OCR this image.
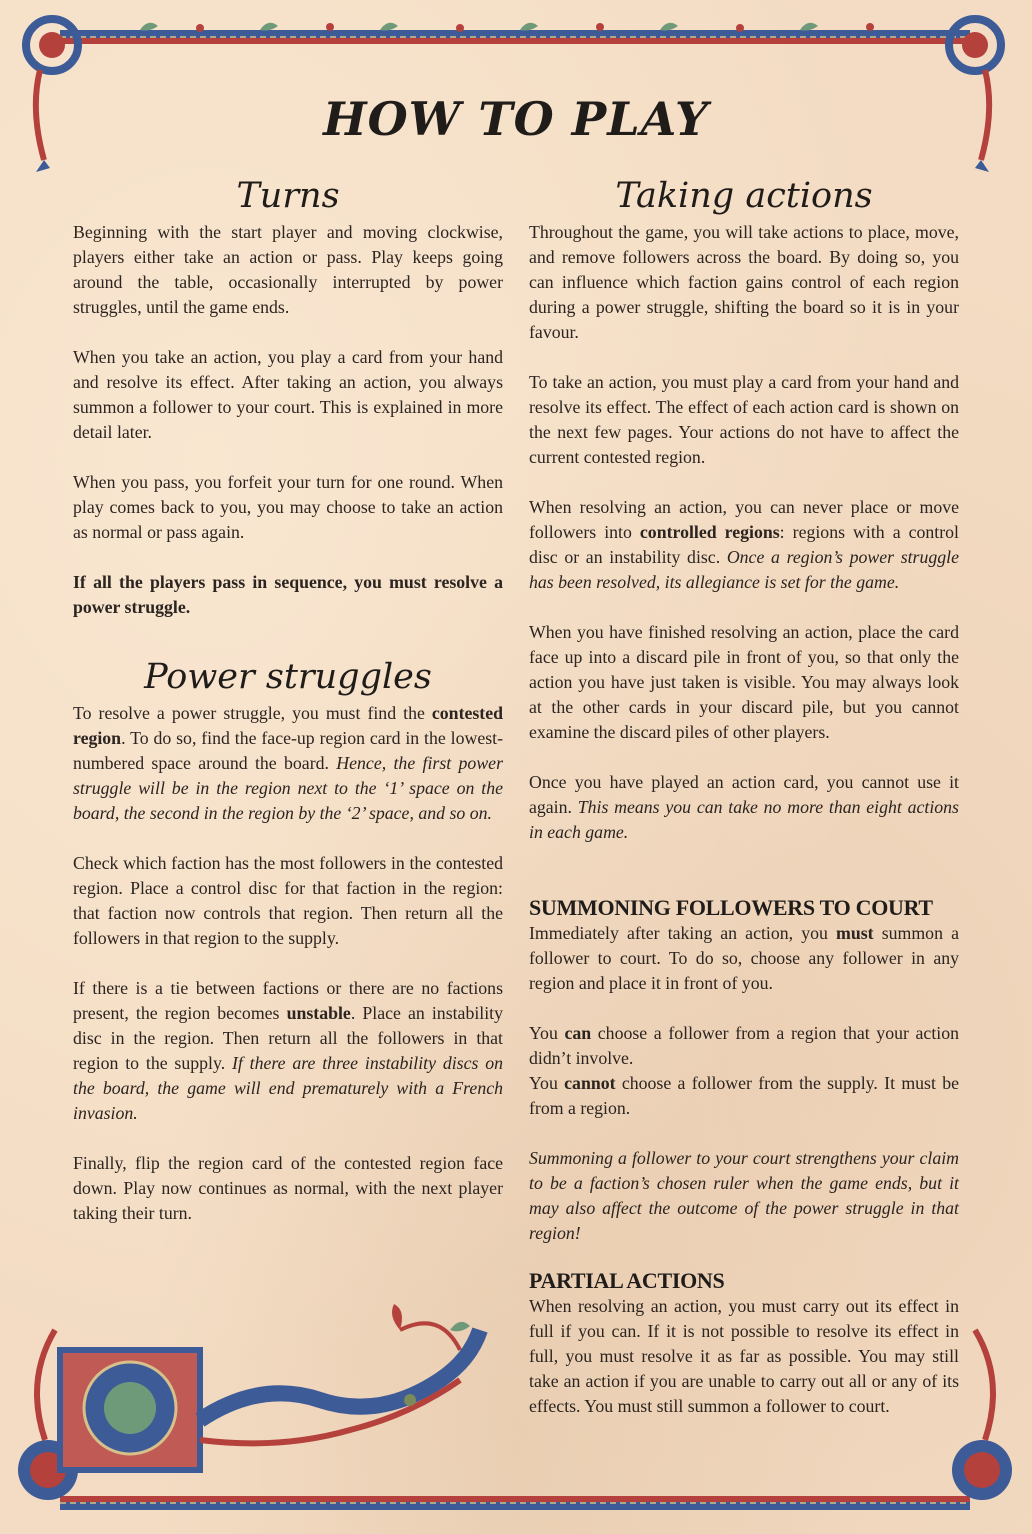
HOW TO PLAY
Turns

Beginning with the start player and moving clockwise, players either take an action or pass. Play keeps going around the table, occasionally interrupted by power struggles, until the game ends.

When you take an action, you play a card from your hand and resolve its effect. After taking an action, you always summon a follower to your court. This is explained in more detail later.

When you pass, you forfeit your turn for one round. When play comes back to you, you may choose to take an action as normal or pass again.

If all the players pass in sequence, you must resolve a power struggle.

Power struggles

To resolve a power struggle, you must find the contested region. To do so, find the face-up region card in the lowest-numbered space around the board. Hence, the first power struggle will be in the region next to the ‘1’ space on the board, the second in the region by the ‘2’ space, and so on.

Check which faction has the most followers in the contested region. Place a control disc for that faction in the region: that faction now controls that region. Then return all the followers in that region to the supply.

If there is a tie between factions or there are no factions present, the region becomes unstable. Place an instability disc in the region. Then return all the followers in that region to the supply. If there are three instability discs on the board, the game will end prematurely with a French invasion.

Finally, flip the region card of the contested region face down. Play now continues as normal, with the next player taking their turn.

Taking actions

Throughout the game, you will take actions to place, move, and remove followers across the board. By doing so, you can influence which faction gains control of each region during a power struggle, shifting the board so it is in your favour.

To take an action, you must play a card from your hand and resolve its effect. The effect of each action card is shown on the next few pages. Your actions do not have to affect the current contested region.

When resolving an action, you can never place or move followers into controlled regions: regions with a control disc or an instability disc. Once a region’s power struggle has been resolved, its allegiance is set for the game.

When you have finished resolving an action, place the card face up into a discard pile in front of you, so that only the action you have just taken is visible. You may always look at the other cards in your discard pile, but you cannot examine the discard piles of other players.

Once you have played an action card, you cannot use it again. This means you can take no more than eight actions in each game.

SUMMONING FOLLOWERS TO COURT

Immediately after taking an action, you must summon a follower to court. To do so, choose any follower in any region and place it in front of you.

You can choose a follower from a region that your action didn’t involve.

You cannot choose a follower from the supply. It must be from a region.

Summoning a follower to your court strengthens your claim to be a faction’s chosen ruler when the game ends, but it may also affect the outcome of the power struggle in that region!

PARTIAL ACTIONS

When resolving an action, you must carry out its effect in full if you can. If it is not possible to resolve its effect in full, you must resolve it as far as possible. You may still take an action if you are unable to carry out all or any of its effects. You must still summon a follower to court.
